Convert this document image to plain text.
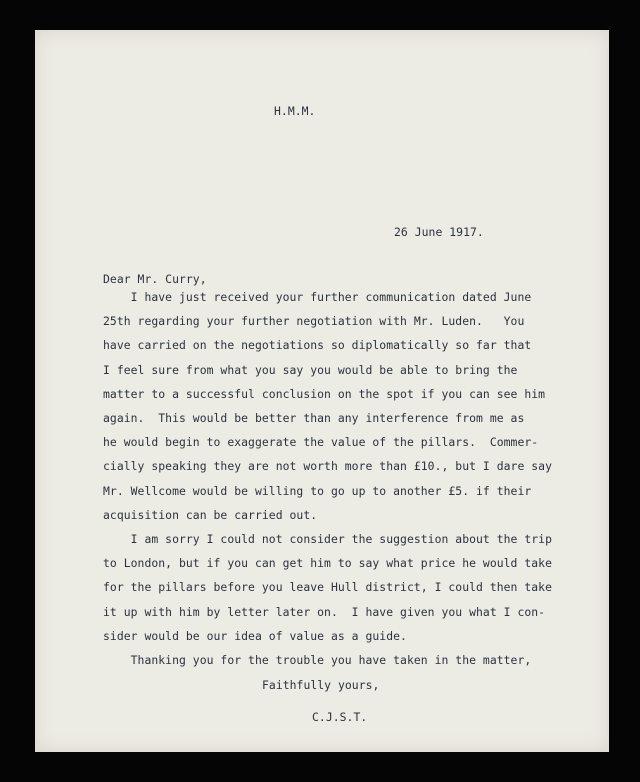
H.M.M.
26 June 1917.
Dear Mr. Curry,

I have just received your further communication dated June

25th regarding your further negotiation with Mr. Luden.   You

have carried on the negotiations so diplomatically so far that

I feel sure from what you say you would be able to bring the

matter to a successful conclusion on the spot if you can see him

again.  This would be better than any interference from me as

he would begin to exaggerate the value of the pillars.  Commer-

cially speaking they are not worth more than £10., but I dare say

Mr. Wellcome would be willing to go up to another £5. if their

acquisition can be carried out.

I am sorry I could not consider the suggestion about the trip

to London, but if you can get him to say what price he would take

for the pillars before you leave Hull district, I could then take

it up with him by letter later on.  I have given you what I con-

sider would be our idea of value as a guide.

Thanking you for the trouble you have taken in the matter,

Faithfully yours,
C.J.S.T.
